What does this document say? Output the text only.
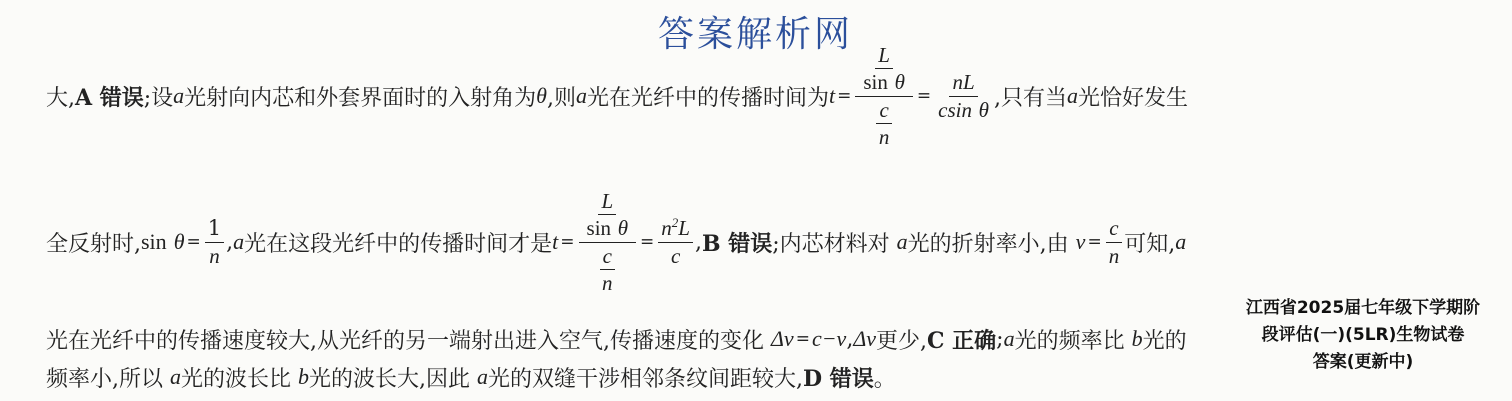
答案解析网
大, A 错误 ;设 a 光射向内芯和外套界面时的入射角为 θ ,则 a 光在光纤中的传播时间为 $t = \frac{\frac{L}{\text{sin θ}}}{\frac{c}{n}} = \frac{nL}{\text{csin θ}}$ ,只有当 a 光恰好发生
全反射时, sin
$\theta = \frac{1}{n}$ , a 光在这段光纤中的传播时间才是 $t = \frac{\frac{L}{\text{sin θ}}}{\frac{c}{n}} = \frac{n^2L}{c}$ , B 错误 ;内芯材料对
a 光的折射率小,由
$v = \frac{c}{n}$ 可知, a
光在光纤中的传播速度较大,从光纤的另一端射出进入空气,传播速度的变化
Δv = c−v , Δv 更少, C 正确 ; a 光的频率比
b 光的
频率小,所以
a 光的波长比
b 光的波长大,因此
a 光的双缝干涉相邻条纹间距较大, D 错误 。
江西省2025届七年级下学期阶
段评估(一)(5LR)生物试卷
答案(更新中)
